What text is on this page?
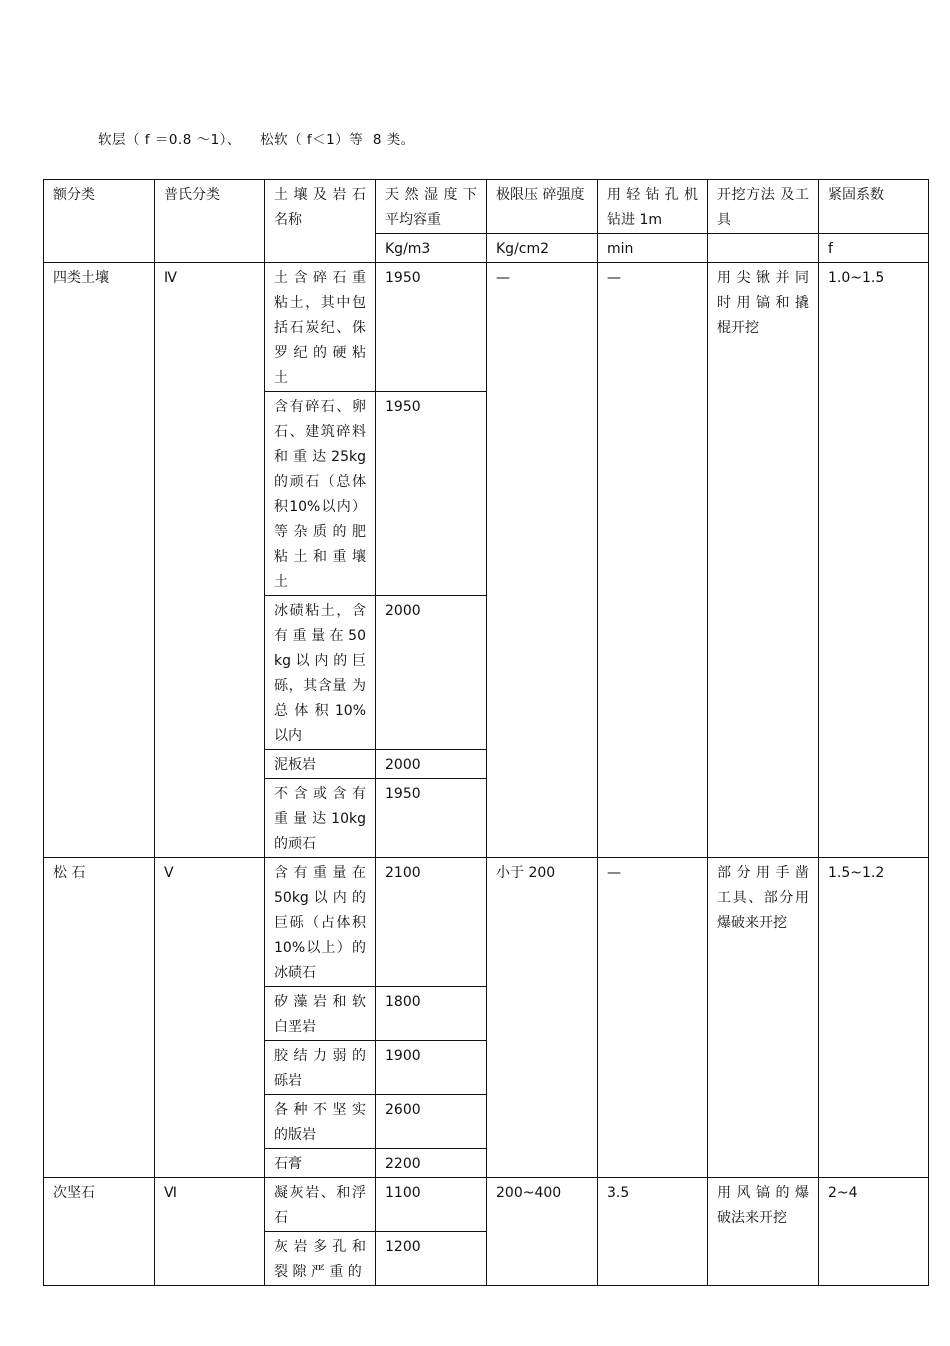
软层（ f ＝0.8 ～1）、    松软（ f＜1）等  8 类。
额分类	普氏分类	土 壤 及 岩 石名称	天 然 湿 度 下平均容重	极限压 碎强度	用 轻 钻 孔 机钻进 1m	开挖方法 及工具	紧固系数
			Kg/m3	Kg/cm2	min		f
四类土壤	Ⅳ	土 含 碎 石 重 粘土，其中包 括石炭纪、侏 罗 纪 的 硬 粘 土	1950	—	—	用 尖 锹 并 同 时 用 镐 和 撬 棍开挖	1.0~1.5
		含有碎石、卵 石、建筑碎料 和 重 达 25kg 的顽石（总体 积10%以内） 等 杂 质 的 肥 粘 土 和 重 壤 土	1950				
		冰碛粘土，含 有 重 量 在 50kg 以 内 的 巨砾，其含量 为 总 体 积 10%以内	2000				
		泥板岩	2000				
		不 含 或 含 有 重 量 达 10kg 的顽石	1950				
松 石	Ⅴ	含 有 重 量 在 50kg 以 内 的 巨砾（占体积 10%以上）的 冰碛石	2100	小于 200	—	部 分 用 手 凿 工具、部分用 爆破来开挖	1.5~1.2
		矽 藻 岩 和 软 白垩岩	1800				
		胶 结 力 弱 的 砾岩	1900				
		各 种 不 坚 实 的版岩	2600				
		石膏	2200				
次坚石	Ⅵ	凝灰岩、和浮 石	1100	200~400	3.5	用 风 镐 的 爆 破法来开挖	2~4
		灰 岩 多 孔 和 裂 隙 严 重 的	1200				
